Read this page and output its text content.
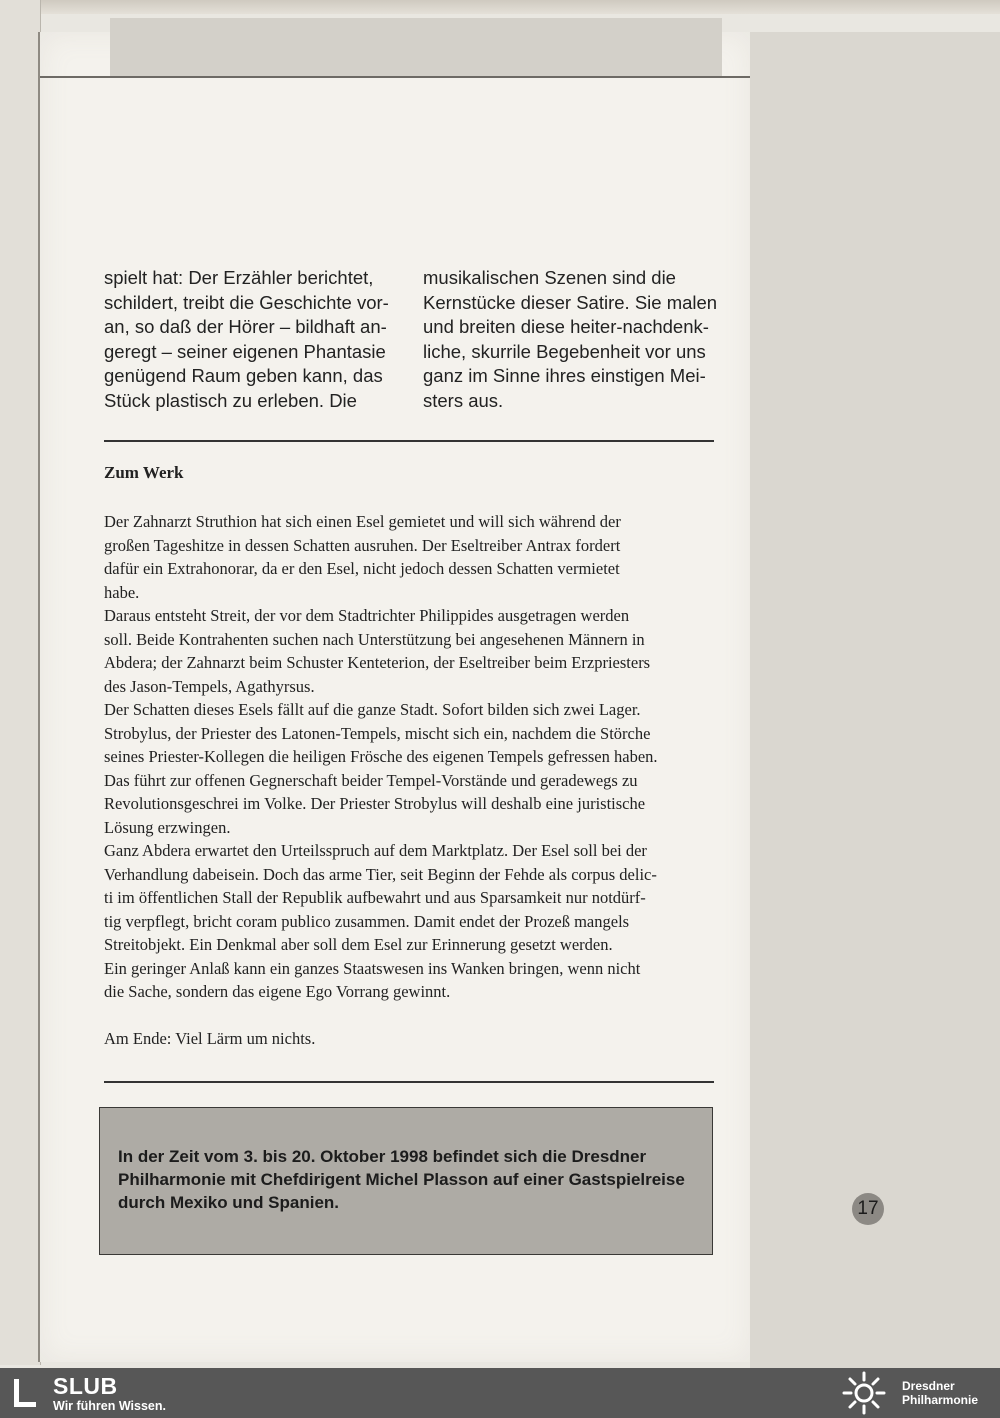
spielt hat: Der Erzähler berichtet,
schildert, treibt die Geschichte vor-
an, so daß der Hörer – bildhaft an-
geregt – seiner eigenen Phantasie
genügend Raum geben kann, das
Stück plastisch zu erleben. Die

musikalischen Szenen sind die
Kernstücke dieser Satire. Sie malen
und breiten diese heiter-nachdenk-
liche, skurrile Begebenheit vor uns
ganz im Sinne ihres einstigen Mei-
sters aus.

Zum Werk

Der Zahnarzt Struthion hat sich einen Esel gemietet und will sich während der
großen Tageshitze in dessen Schatten ausruhen. Der Eseltreiber Antrax fordert
dafür ein Extrahonorar, da er den Esel, nicht jedoch dessen Schatten vermietet
habe.

Daraus entsteht Streit, der vor dem Stadtrichter Philippides ausgetragen werden
soll. Beide Kontrahenten suchen nach Unterstützung bei angesehenen Männern in
Abdera; der Zahnarzt beim Schuster Kenteterion, der Eseltreiber beim Erzpriesters
des Jason-Tempels, Agathyrsus.

Der Schatten dieses Esels fällt auf die ganze Stadt. Sofort bilden sich zwei Lager.
Strobylus, der Priester des Latonen-Tempels, mischt sich ein, nachdem die Störche
seines Priester-Kollegen die heiligen Frösche des eigenen Tempels gefressen haben.
Das führt zur offenen Gegnerschaft beider Tempel-Vorstände und geradewegs zu
Revolutionsgeschrei im Volke. Der Priester Strobylus will deshalb eine juristische
Lösung erzwingen.

Ganz Abdera erwartet den Urteilsspruch auf dem Marktplatz. Der Esel soll bei der
Verhandlung dabeisein. Doch das arme Tier, seit Beginn der Fehde als corpus delic-
ti im öffentlichen Stall der Republik aufbewahrt und aus Sparsamkeit nur notdürf-
tig verpflegt, bricht coram publico zusammen. Damit endet der Prozeß mangels
Streitobjekt. Ein Denkmal aber soll dem Esel zur Erinnerung gesetzt werden.

Ein geringer Anlaß kann ein ganzes Staatswesen ins Wanken bringen, wenn nicht
die Sache, sondern das eigene Ego Vorrang gewinnt.

Am Ende: Viel Lärm um nichts.

In der Zeit vom 3. bis 20. Oktober 1998 befindet sich die Dresdner
Philharmonie mit Chefdirigent Michel Plasson auf einer Gastspielreise
durch Mexiko und Spanien.	17
SLUB
Wir führen Wissen.
Dresdner
Philharmonie
